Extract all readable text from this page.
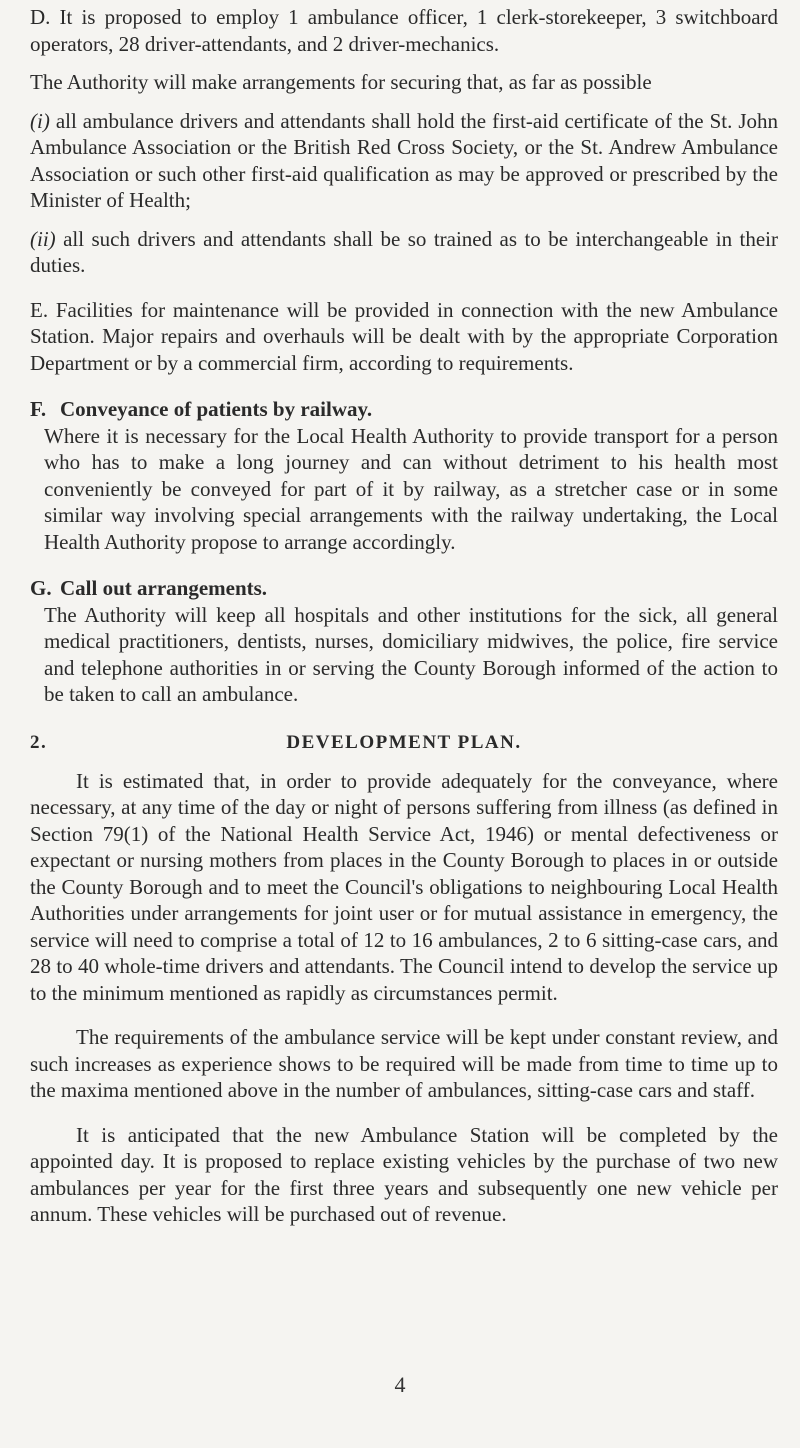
D. It is proposed to employ 1 ambulance officer, 1 clerk-storekeeper, 3 switchboard operators, 28 driver-attendants, and 2 driver-mechanics.

The Authority will make arrangements for securing that, as far as possible

(i) all ambulance drivers and attendants shall hold the first-aid certificate of the St. John Ambulance Association or the British Red Cross Society, or the St. Andrew Ambulance Association or such other first-aid qualification as may be approved or prescribed by the Minister of Health;

(ii) all such drivers and attendants shall be so trained as to be interchangeable in their duties.

E. Facilities for maintenance will be provided in connection with the new Ambulance Station. Major repairs and overhauls will be dealt with by the appropriate Corporation Department or by a commercial firm, according to requirements.

F. Conveyance of patients by railway.

Where it is necessary for the Local Health Authority to provide transport for a person who has to make a long journey and can without detriment to his health most conveniently be conveyed for part of it by railway, as a stretcher case or in some similar way involving special arrangements with the railway undertaking, the Local Health Authority propose to arrange accordingly.

G. Call out arrangements.

The Authority will keep all hospitals and other institutions for the sick, all general medical practitioners, dentists, nurses, domiciliary midwives, the police, fire service and telephone authorities in or serving the County Borough informed of the action to be taken to call an ambulance.

2.	DEVELOPMENT PLAN.

It is estimated that, in order to provide adequately for the conveyance, where necessary, at any time of the day or night of persons suffering from illness (as defined in Section 79(1) of the National Health Service Act, 1946) or mental defectiveness or expectant or nursing mothers from places in the County Borough to places in or outside the County Borough and to meet the Council's obligations to neighbouring Local Health Authorities under arrangements for joint user or for mutual assistance in emergency, the service will need to comprise a total of 12 to 16 ambulances, 2 to 6 sitting-case cars, and 28 to 40 whole-time drivers and attendants. The Council intend to develop the service up to the minimum mentioned as rapidly as circumstances permit.

The requirements of the ambulance service will be kept under constant review, and such increases as experience shows to be required will be made from time to time up to the maxima mentioned above in the number of ambulances, sitting-case cars and staff.

It is anticipated that the new Ambulance Station will be completed by the appointed day. It is proposed to replace existing vehicles by the purchase of two new ambulances per year for the first three years and subsequently one new vehicle per annum. These vehicles will be purchased out of revenue.

4
